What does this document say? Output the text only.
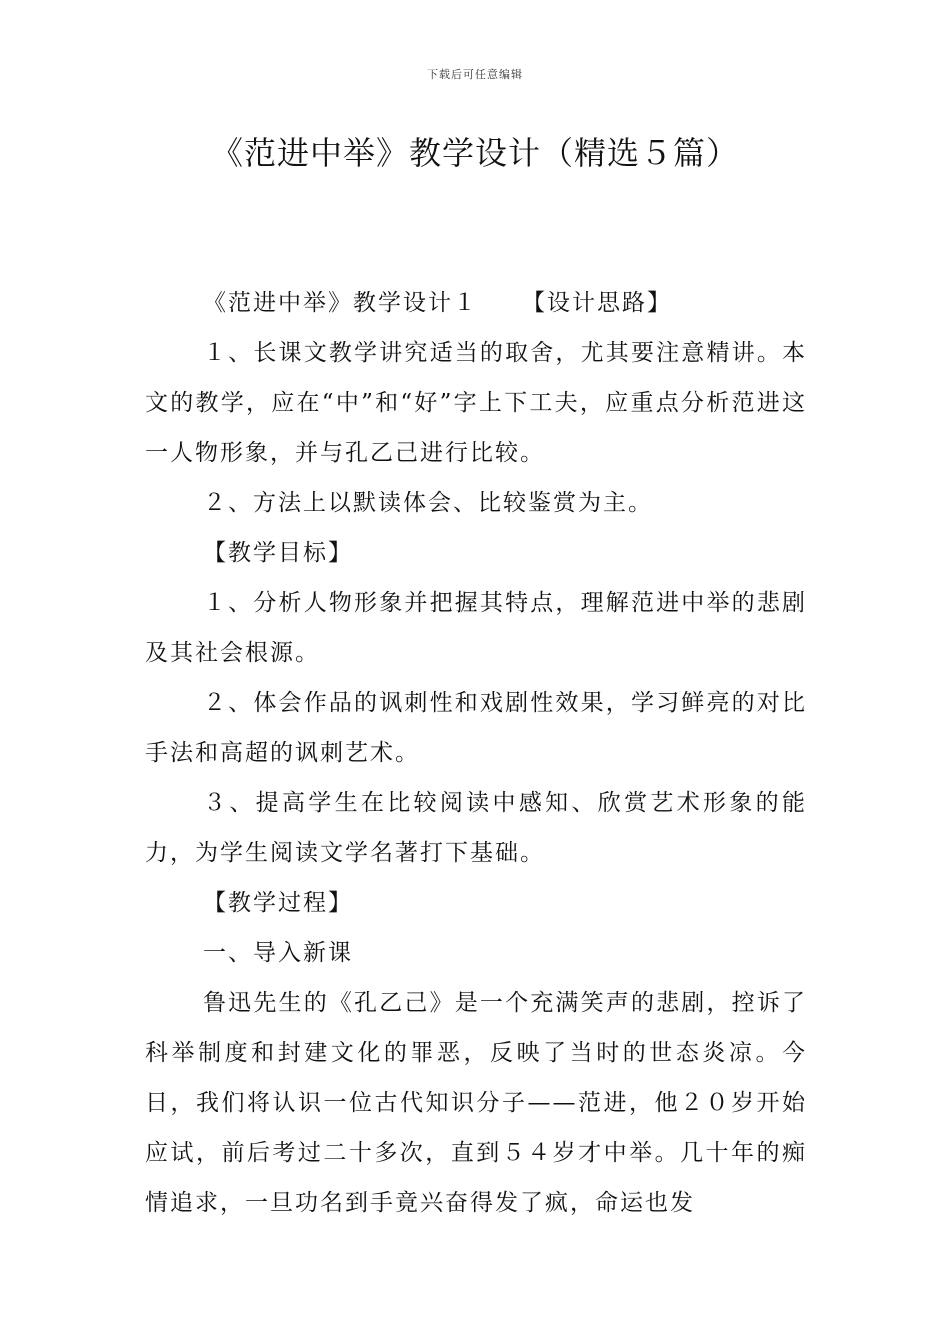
下载后可任意编辑
《范进中举》教学设计（精选５篇）

《范进中举》教学设计１ 【设计思路】

１、长课文教学讲究适当的取舍，尤其要注意精讲。本文的教学，应在“中”和“好”字上下工夫，应重点分析范进这一人物形象，并与孔乙己进行比较。

２、方法上以默读体会、比较鉴赏为主。

【教学目标】

１、分析人物形象并把握其特点，理解范进中举的悲剧及其社会根源。

２、体会作品的讽刺性和戏剧性效果，学习鲜亮的对比手法和高超的讽刺艺术。

３、提高学生在比较阅读中感知、欣赏艺术形象的能力，为学生阅读文学名著打下基础。

【教学过程】

一、导入新课

鲁迅先生的《孔乙己》是一个充满笑声的悲剧，控诉了科举制度和封建文化的罪恶，反映了当时的世态炎凉。今日，我们将认识一位古代知识分子——范进，他２０岁开始应试，前后考过二十多次，直到５４岁才中举。几十年的痴情追求，一旦功名到手竟兴奋得发了疯，命运也发
